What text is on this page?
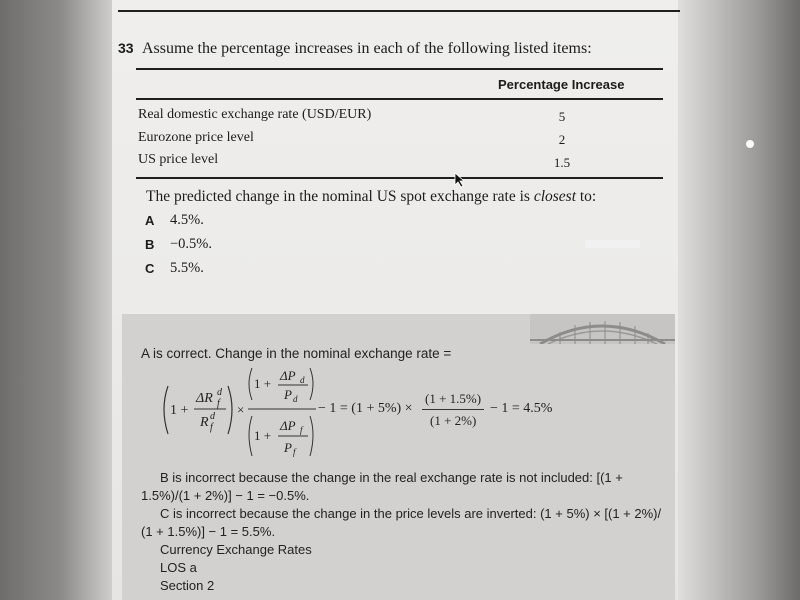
33 Assume the percentage increases in each of the following listed items:
Percentage Increase
Real domestic exchange rate (USD/EUR)	5
Eurozone price level	2
US price level	1.5
The predicted change in the nominal US spot exchange rate is closest to:
A 4.5%.
B −0.5%.
C 5.5%.
A is correct. Change in the nominal exchange rate =
1 +
ΔR d
f
R d
f
×
1 +
ΔP d
P d
1 +
ΔP f
P f
− 1 = (1 + 5%) ×
(1 + 1.5%)
(1 + 2%)
− 1 = 4.5%
B is incorrect because the change in the real exchange rate is not included: [(1 +
1.5%)/(1 + 2%)] − 1 = −0.5%.
C is incorrect because the change in the price levels are inverted: (1 + 5%) × [(1 + 2%)/
(1 + 1.5%)] − 1 = 5.5%.
Currency Exchange Rates
LOS a
Section 2
